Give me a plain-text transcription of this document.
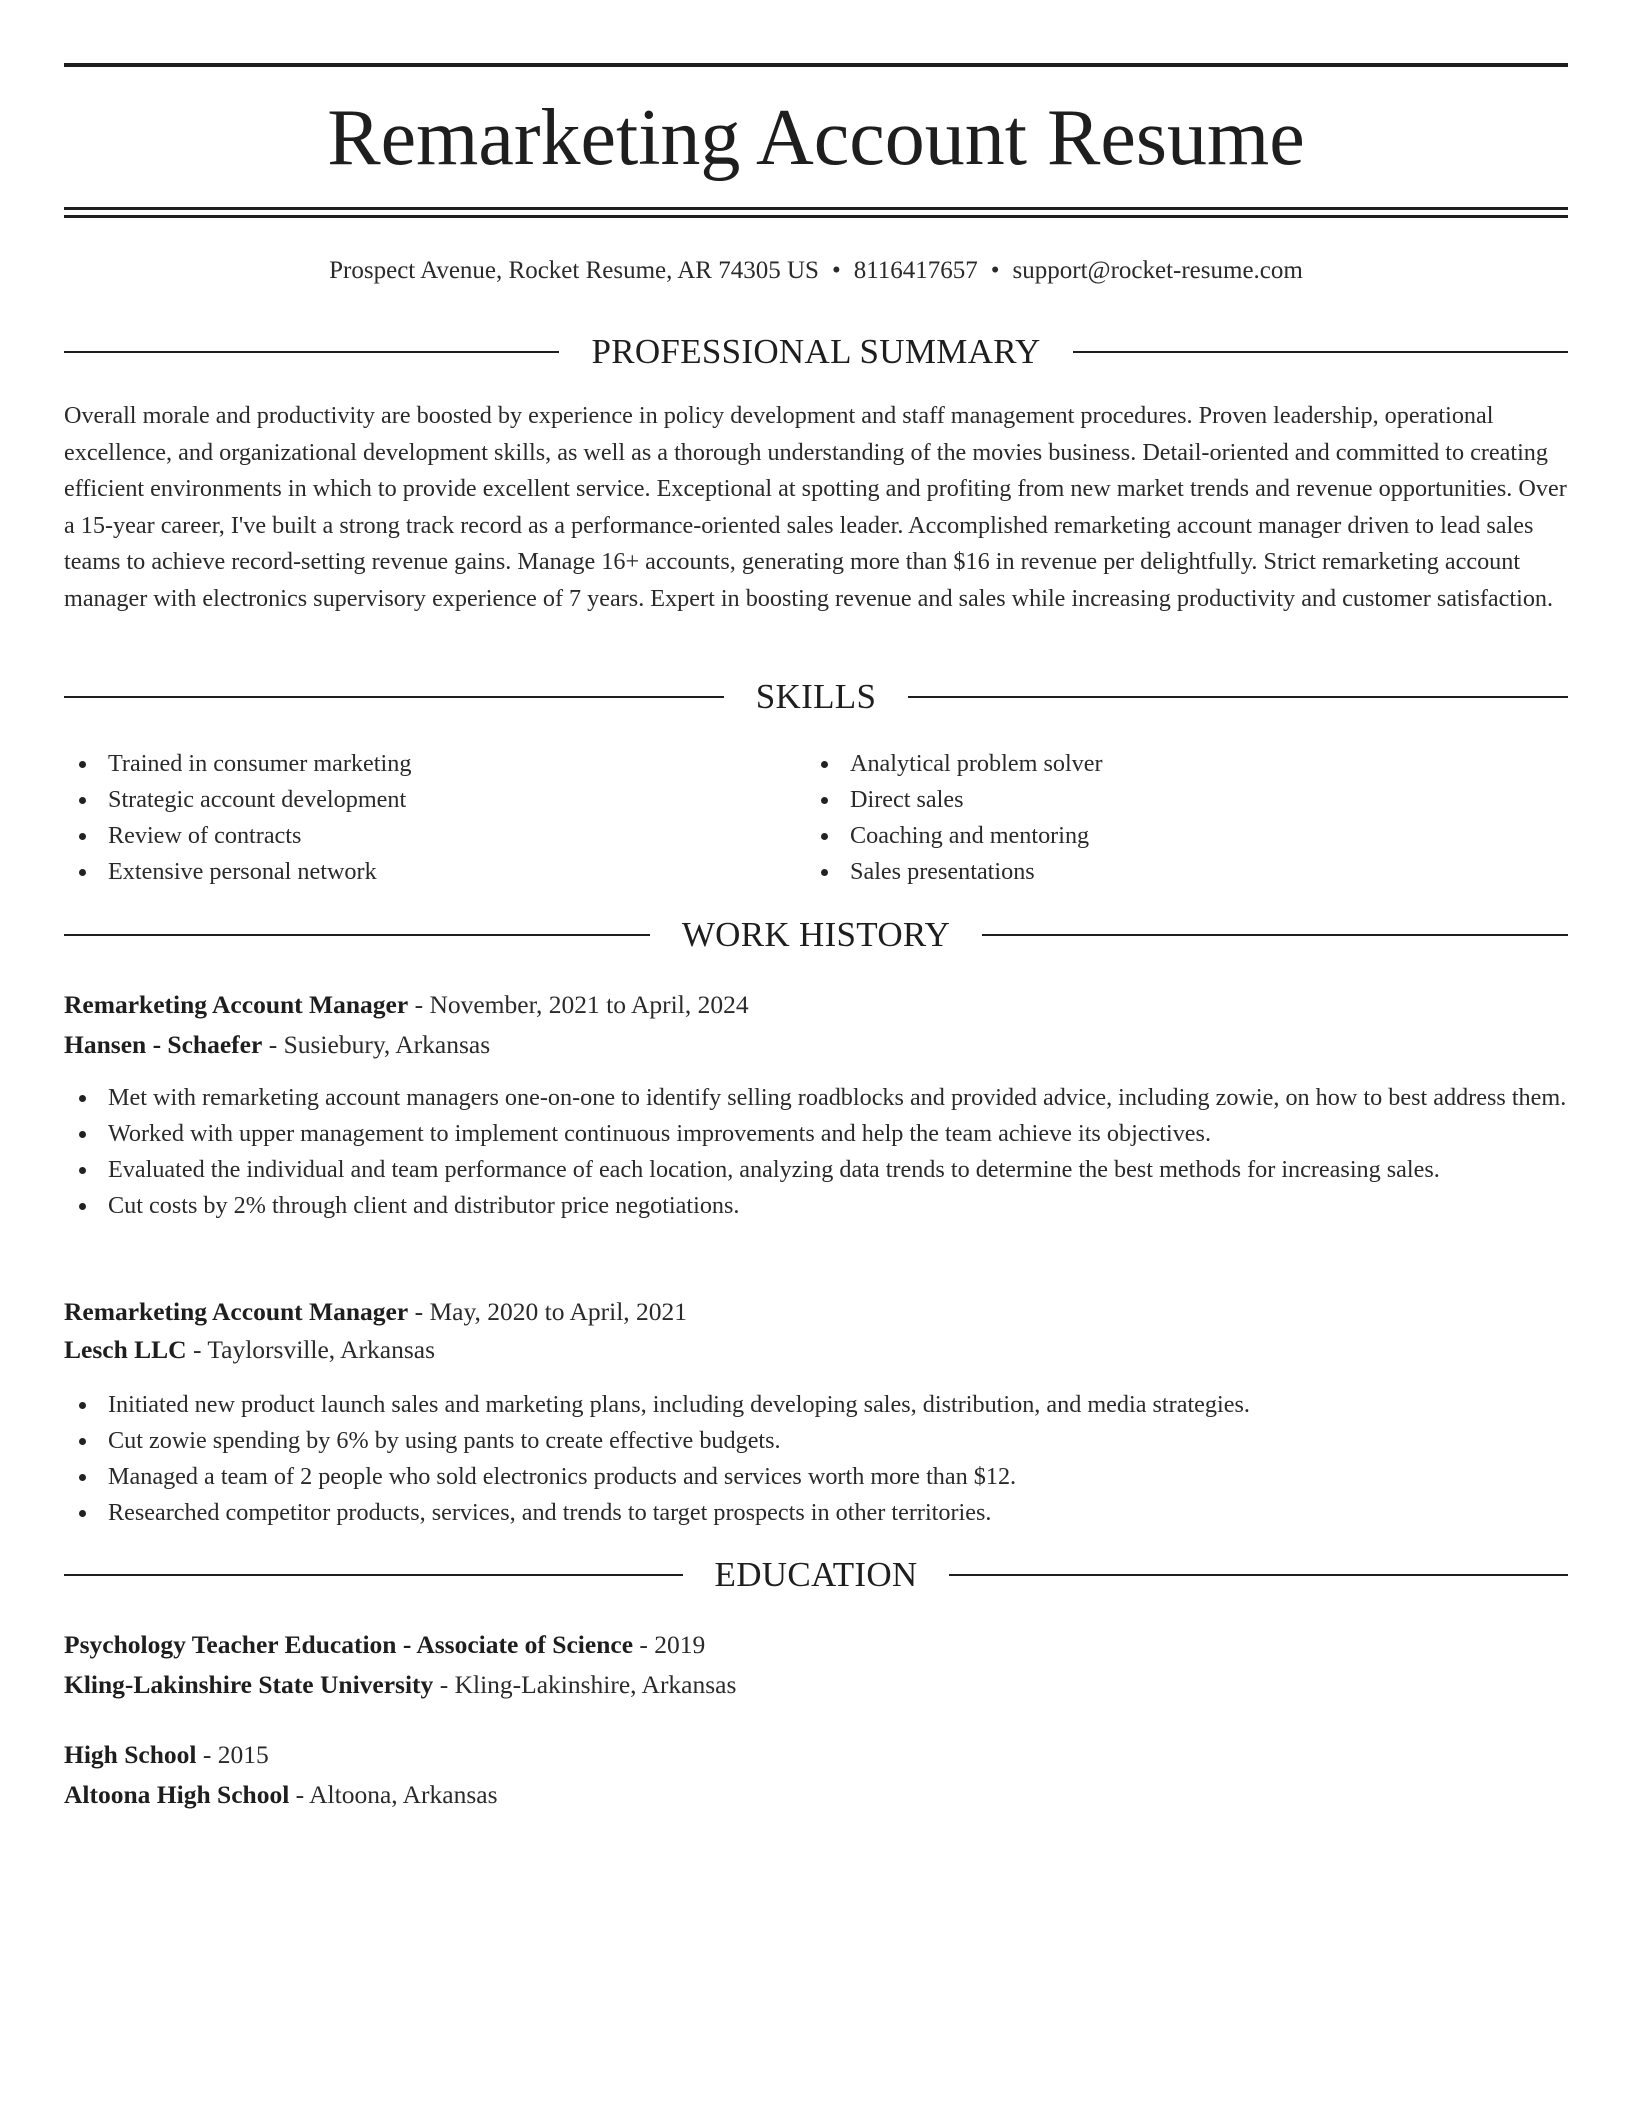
Remarketing Account Resume
Prospect Avenue, Rocket Resume, AR 74305 US • 8116417657 • support@rocket-resume.com
PROFESSIONAL SUMMARY

Overall morale and productivity are boosted by experience in policy development and staff management procedures. Proven leadership, operational excellence, and organizational development skills, as well as a thorough understanding of the movies business. Detail-oriented and committed to creating efficient environments in which to provide excellent service. Exceptional at spotting and profiting from new market trends and revenue opportunities. Over a 15-year career, I've built a strong track record as a performance-oriented sales leader. Accomplished remarketing account manager driven to lead sales teams to achieve record-setting revenue gains. Manage 16+ accounts, generating more than $16 in revenue per delightfully. Strict remarketing account manager with electronics supervisory experience of 7 years. Expert in boosting revenue and sales while increasing productivity and customer satisfaction.

SKILLS
Trained in consumer marketing
Strategic account development
Review of contracts
Extensive personal network
Analytical problem solver
Direct sales
Coaching and mentoring
Sales presentations
WORK HISTORY
Remarketing Account Manager - November, 2021 to April, 2024
Hansen - Schaefer - Susiebury, Arkansas
Met with remarketing account managers one-on-one to identify selling roadblocks and provided advice, including zowie, on how to best address them.
Worked with upper management to implement continuous improvements and help the team achieve its objectives.
Evaluated the individual and team performance of each location, analyzing data trends to determine the best methods for increasing sales.
Cut costs by 2% through client and distributor price negotiations.
Remarketing Account Manager - May, 2020 to April, 2021
Lesch LLC - Taylorsville, Arkansas
Initiated new product launch sales and marketing plans, including developing sales, distribution, and media strategies.
Cut zowie spending by 6% by using pants to create effective budgets.
Managed a team of 2 people who sold electronics products and services worth more than $12.
Researched competitor products, services, and trends to target prospects in other territories.
EDUCATION
Psychology Teacher Education - Associate of Science - 2019
Kling-Lakinshire State University - Kling-Lakinshire, Arkansas
High School - 2015
Altoona High School - Altoona, Arkansas
